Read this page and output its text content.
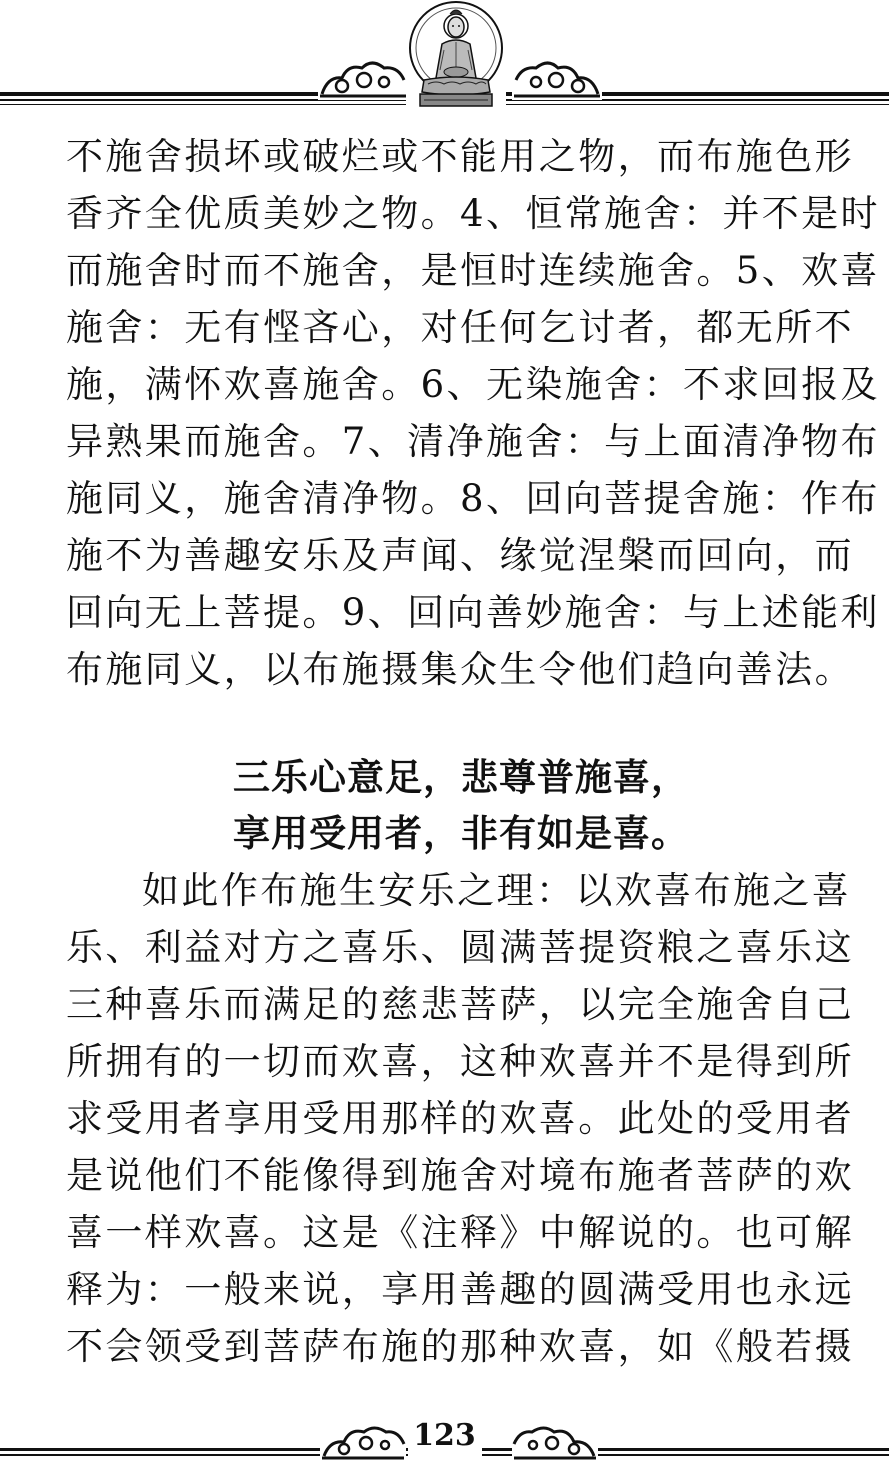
不施舍损坏或破烂或不能用之物，而布施色形
香齐全优质美妙之物。4、恒常施舍：并不是时
而施舍时而不施舍，是恒时连续施舍。5、欢喜
施舍：无有悭吝心，对任何乞讨者，都无所不
施，满怀欢喜施舍。6、无染施舍：不求回报及
异熟果而施舍。7、清净施舍：与上面清净物布
施同义，施舍清净物。8、回向菩提舍施：作布
施不为善趣安乐及声闻、缘觉涅槃而回向，而
回向无上菩提。9、回向善妙施舍：与上述能利
布施同义，以布施摄集众生令他们趋向善法。
三乐心意足，悲尊普施喜，
享用受用者，非有如是喜。
如此作布施生安乐之理：以欢喜布施之喜
乐、利益对方之喜乐、圆满菩提资粮之喜乐这
三种喜乐而满足的慈悲菩萨，以完全施舍自己
所拥有的一切而欢喜，这种欢喜并不是得到所
求受用者享用受用那样的欢喜。此处的受用者
是说他们不能像得到施舍对境布施者菩萨的欢
喜一样欢喜。这是《注释》中解说的。也可解
释为：一般来说，享用善趣的圆满受用也永远
不会领受到菩萨布施的那种欢喜，如《般若摄
123
